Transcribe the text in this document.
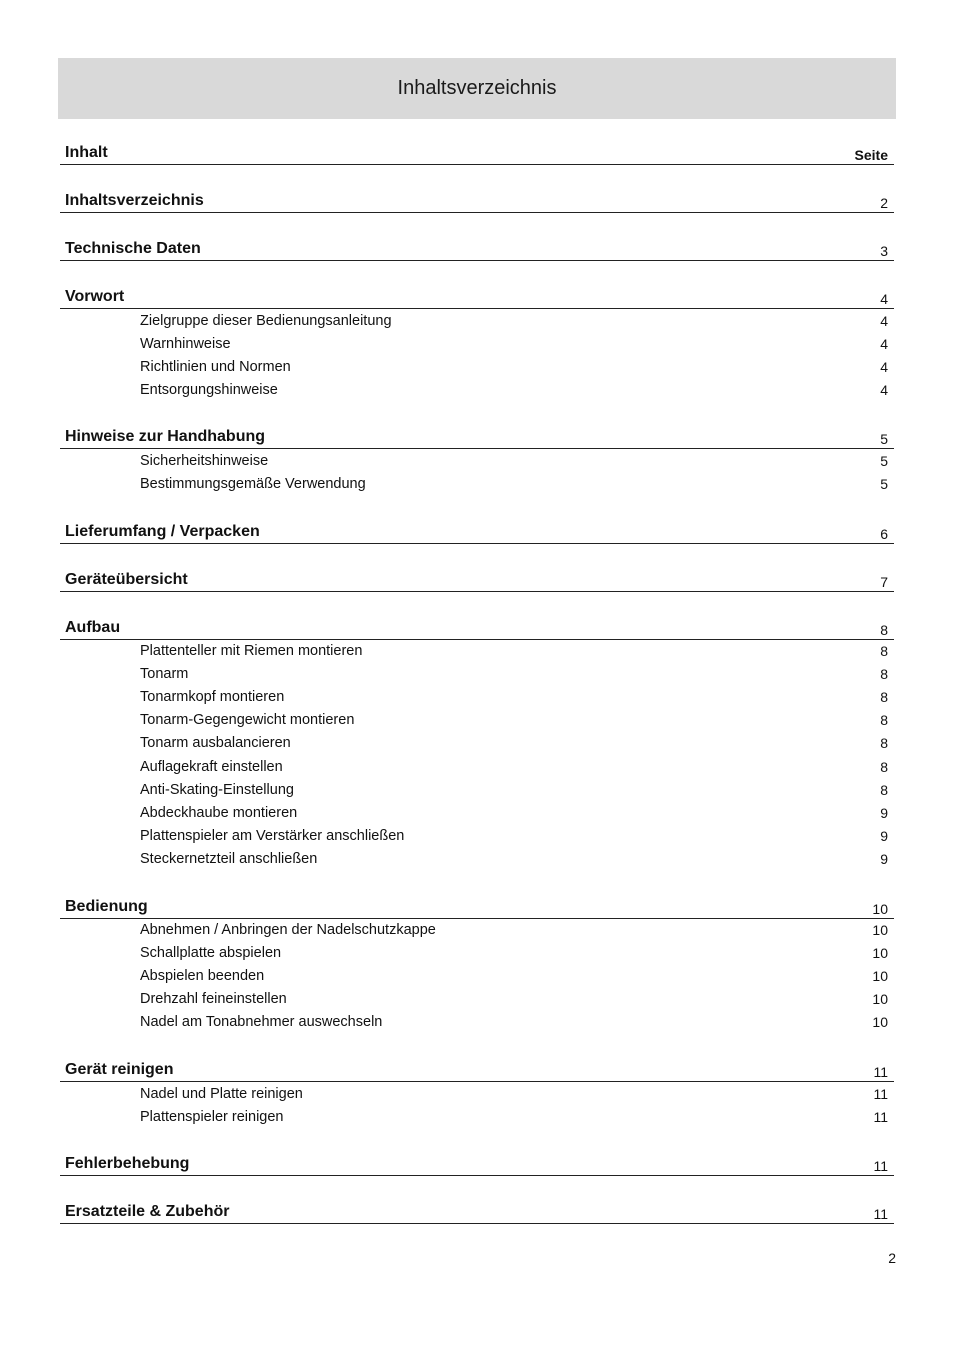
Inhaltsverzeichnis
Inhalt	Seite
Inhaltsverzeichnis	2
Technische Daten	3
Vorwort	4
Zielgruppe dieser Bedienungsanleitung	4
Warnhinweise	4
Richtlinien und Normen	4
Entsorgungshinweise	4
Hinweise zur Handhabung	5
Sicherheitshinweise	5
Bestimmungsgemäße Verwendung	5
Lieferumfang / Verpacken	6
Geräteübersicht	7
Aufbau	8
Plattenteller mit Riemen montieren	8
Tonarm	8
Tonarmkopf montieren	8
Tonarm-Gegengewicht montieren	8
Tonarm ausbalancieren	8
Auflagekraft einstellen	8
Anti-Skating-Einstellung	8
Abdeckhaube montieren	9
Plattenspieler am Verstärker anschließen	9
Steckernetzteil anschließen	9
Bedienung	10
Abnehmen / Anbringen der Nadelschutzkappe	10
Schallplatte abspielen	10
Abspielen beenden	10
Drehzahl feineinstellen	10
Nadel am Tonabnehmer auswechseln	10
Gerät reinigen	11
Nadel und Platte reinigen	11
Plattenspieler reinigen	11
Fehlerbehebung	11
Ersatzteile & Zubehör	11
2
